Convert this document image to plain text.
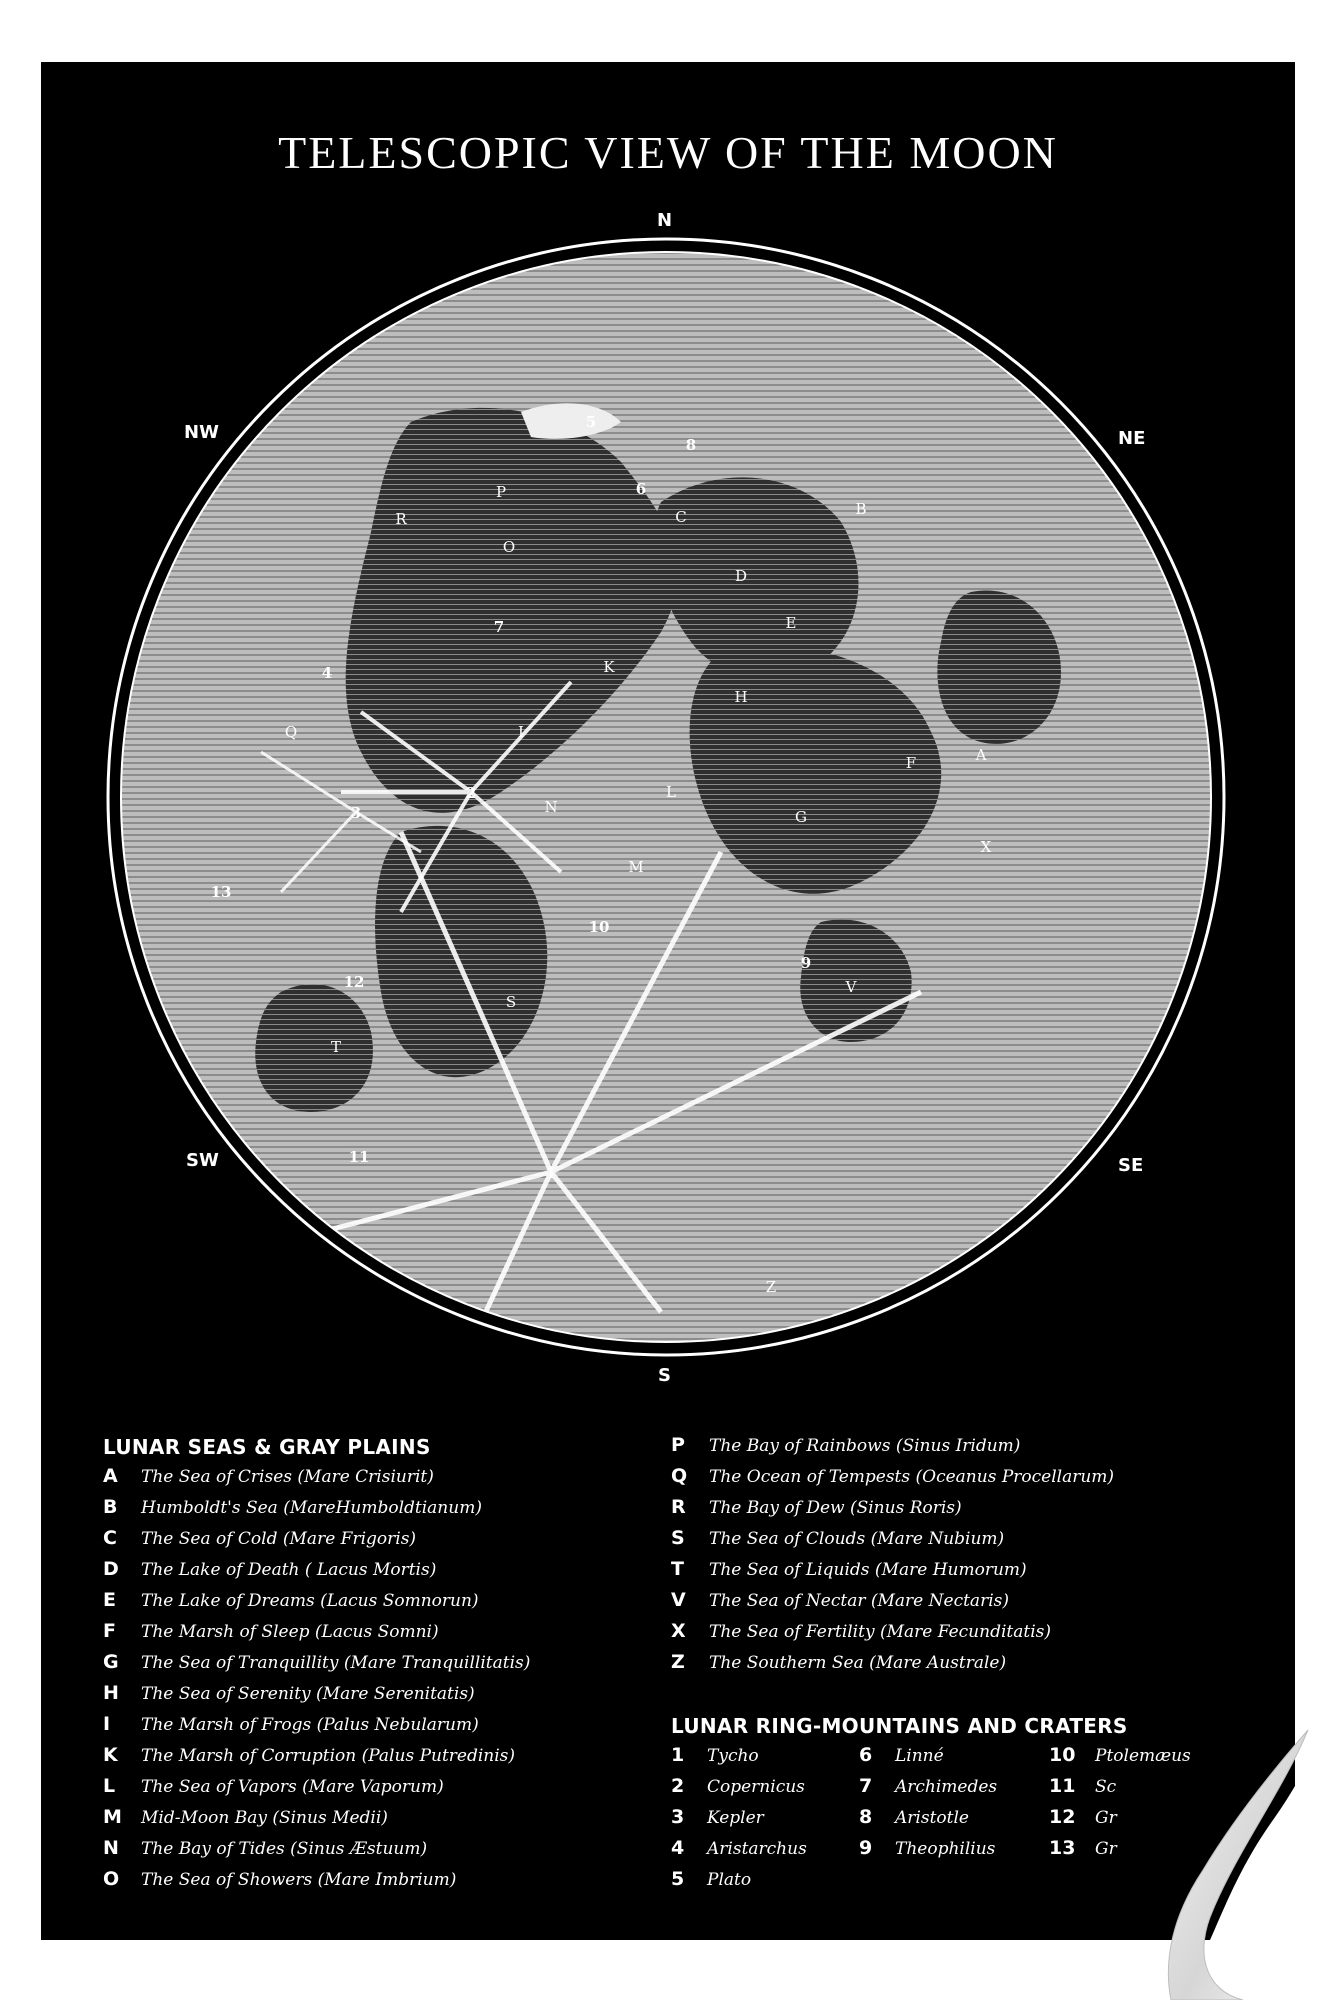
TELESCOPIC VIEW OF THE MOON
N
NW	NE
SW	SE
S
1
2
3
4
5
6
7
8
9
10
11
12
13
A
B
C
D
E
F
G
H
I
K
L
M
N
O
P
Q
R
S
T
V
X
Z
LUNAR SEAS & GRAY PLAINS
A The Sea of Crises (Mare Crisiurit)
B Humboldt's Sea (MareHumboldtianum)
C The Sea of Cold (Mare Frigoris)
D The Lake of Death ( Lacus Mortis)
E The Lake of Dreams (Lacus Somnorun)
F The Marsh of Sleep (Lacus Somni)
G The Sea of Tranquillity (Mare Tranquillitatis)
H The Sea of Serenity (Mare Serenitatis)
I The Marsh of Frogs (Palus Nebularum)
K The Marsh of Corruption (Palus Putredinis)
L The Sea of Vapors (Mare Vaporum)
M Mid-Moon Bay (Sinus Medii)
N The Bay of Tides (Sinus Æstuum)
O The Sea of Showers (Mare Imbrium)
P The Bay of Rainbows (Sinus Iridum)
Q The Ocean of Tempests (Oceanus Procellarum)
R The Bay of Dew (Sinus Roris)
S The Sea of Clouds (Mare Nubium)
T The Sea of Liquids (Mare Humorum)
V The Sea of Nectar (Mare Nectaris)
X The Sea of Fertility (Mare Fecunditatis)
Z The Southern Sea (Mare Australe)
LUNAR RING-MOUNTAINS AND CRATERS
1 Tycho
2 Copernicus
3 Kepler
4 Aristarchus
5 Plato
6 Linné
7 Archimedes
8 Aristotle
9 Theophilius
10 Ptolemæus
11 Sc
12 Gr
13 Gr
